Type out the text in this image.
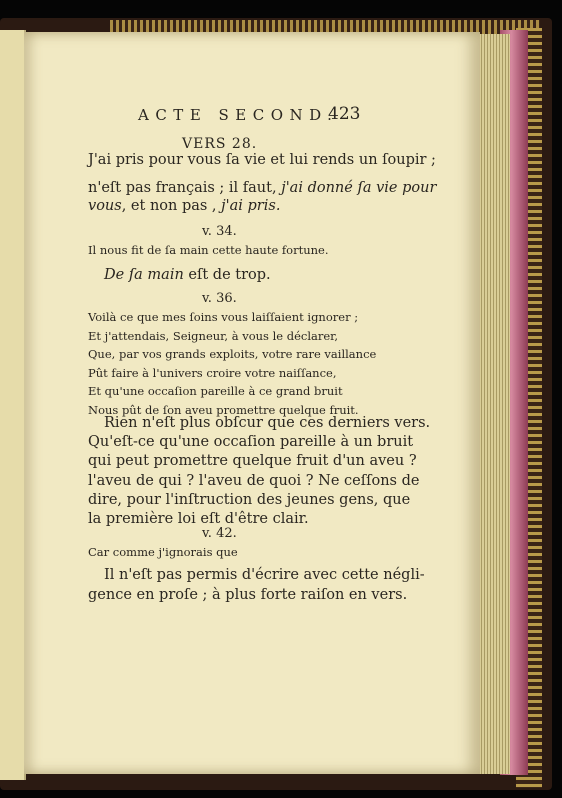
ACTE SECOND.
423
VERS 28.
J'ai pris pour vous ſa vie et lui rends un ſoupir ;
n'eſt pas français ; il faut, j'ai donné ſa vie pour
vous, et non pas , j'ai pris.
v. 34.
Il nous fit de ſa main cette haute fortune.
De ſa main eſt de trop.
v. 36.
Voilà ce que mes ſoins vous laiſſaient ignorer ;
Et j'attendais, Seigneur, à vous le déclarer,
Que, par vos grands exploits, votre rare vaillance
Pût faire à l'univers croire votre naiſſance,
Et qu'une occaſion pareille à ce grand bruit
Nous pût de ſon aveu promettre quelque fruit.
Rien n'eſt plus obſcur que ces derniers vers.
Qu'eſt-ce qu'une occaſion pareille à un bruit
qui peut promettre quelque fruit d'un aveu ?
l'aveu de qui ? l'aveu de quoi ? Ne ceſſons de
dire, pour l'inſtruction des jeunes gens, que
la première loi eſt d'être clair.
v. 42.
Car comme j'ignorais que
Il n'eſt pas permis d'écrire avec cette négli-
gence en proſe ; à plus forte raiſon en vers.
